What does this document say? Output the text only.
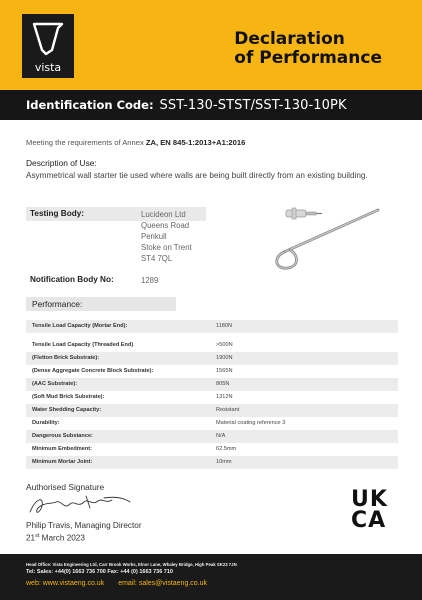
vista
Declaration
of Performance
Identification Code: SST-130-STST/SST-130-10PK
Meeting the requirements of Annex ZA, EN 845-1:2013+A1:2016
Description of Use:
Asymmetrical wall starter tie used where walls are being built directly from an existing building.
Testing Body:	Lucideon Ltd
Queens Road
Penkull
Stoke on Trent
ST4 7QL
Notification Body No:	1289
Performance:
Tensile Load Capacity (Mortar End):	1180N
Tensile Load Capacity (Threaded End)	>500N
(Fletton Brick Substrate):	1900N
(Dense Aggregate Concrete Block Substrate):	1565N
(AAC Substrate):	805N
(Soft Mud Brick Substrate):	1312N
Water Shedding Capacity:	Resistant
Durability:	Material coating reference 3
Dangerous Substance:	N/A
Minimum Embedment:	62.5mm
Minimum Mortar Joint:	10mm
Authorised Signature
Philip Travis, Managing Director
21st March 2023
UK
CA
Head Office: Vista Engineering Ltd, Carr Brook Works, Elnor Lane, Whaley Bridge, High Peak SK23 7JN
Tel: Sales: +44(0) 1663 736 700 Fax: +44 (0) 1663 736 710
web: www.vistaeng.co.uk email: sales@vistaeng.co.uk
